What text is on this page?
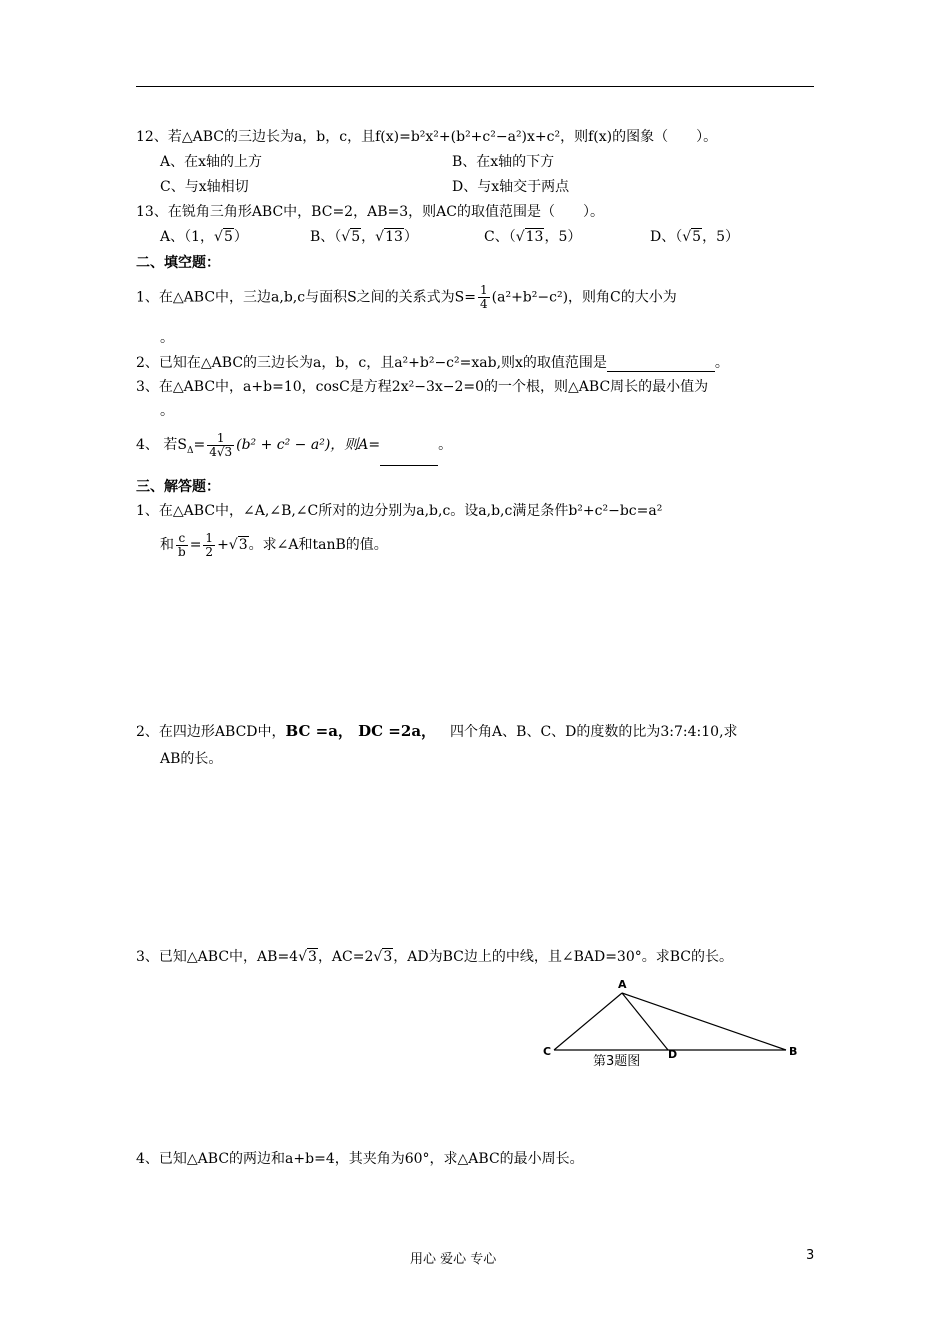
12、若△ABC的三边长为a，b，c，且f(x)=b²x²+(b²+c²−a²)x+c²，则f(x)的图象（　　）。
A、在x轴的上方	B、在x轴的下方
C、与x轴相切	D、与x轴交于两点
13、在锐角三角形ABC中，BC=2，AB=3，则AC的取值范围是（　　）。
A、（1，√5）	B、（√5，√13）	C、（√13，5）	D、（√5，5）
二、填空题：
1、在△ABC中，三边a,b,c与面积S之间的关系式为$S= \frac{1}{4} (a^2+b^2-c^2)$，则角C的大小为
。
2、已知在△ABC的三边长为a，b，c，且a²+b²−c²=xab,则x的取值范围是	。
3、在△ABC中，a+b=10，cosC是方程2x²−3x−2=0的一个根，则△ABC周长的最小值为
。
4、 若$S_\Delta= \frac{1}{4√3} (b^2 + c^2 - a^2)$，则A=	。
三、解答题：
1、在△ABC中，∠A,∠B,∠C所对的边分别为a,b,c。设a,b,c满足条件b²+c²−bc=a²
和 $\frac{c}{b} = \frac{1}{2} +√3$。求∠A和tanB的值。
2、在四边形ABCD中，BC =a， DC =2a， 四个角A、B、C、D的度数的比为3:7:4:10,求
AB的长。
3、已知△ABC中，AB=4√3，AC=2√3，AD为BC边上的中线，且∠BAD=30°。求BC的长。
A
C	D	B
第3题图
4、已知△ABC的两边和a+b=4，其夹角为60°，求△ABC的最小周长。
用心 爱心 专心	3
